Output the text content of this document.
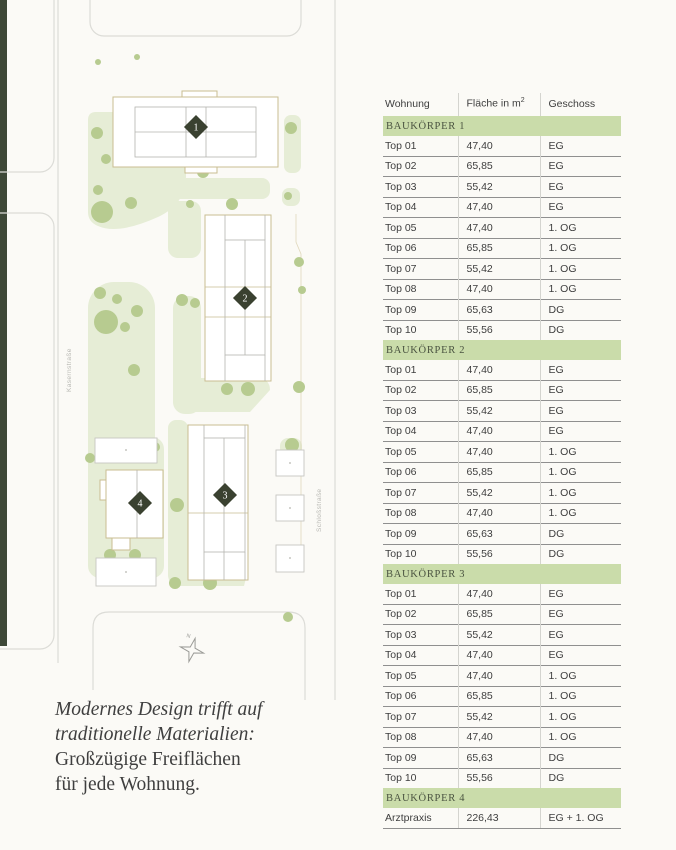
1
2
3
4
N
Kasernstraße
Schloßstraße

Modernes Design trifft auf
traditionelle Materialien:

Großzügige Freiflächen
für jede Wohnung.

Wohnung	Fläche in $m^2$	Geschoss
BAUKÖRPER 1		
Top 01	47,40	EG
Top 02	65,85	EG
Top 03	55,42	EG
Top 04	47,40	EG
Top 05	47,40	1. OG
Top 06	65,85	1. OG
Top 07	55,42	1. OG
Top 08	47,40	1. OG
Top 09	65,63	DG
Top 10	55,56	DG
BAUKÖRPER 2		
Top 01	47,40	EG
Top 02	65,85	EG
Top 03	55,42	EG
Top 04	47,40	EG
Top 05	47,40	1. OG
Top 06	65,85	1. OG
Top 07	55,42	1. OG
Top 08	47,40	1. OG
Top 09	65,63	DG
Top 10	55,56	DG
BAUKÖRPER 3		
Top 01	47,40	EG
Top 02	65,85	EG
Top 03	55,42	EG
Top 04	47,40	EG
Top 05	47,40	1. OG
Top 06	65,85	1. OG
Top 07	55,42	1. OG
Top 08	47,40	1. OG
Top 09	65,63	DG
Top 10	55,56	DG
BAUKÖRPER 4		
Arztpraxis	226,43	EG + 1. OG
